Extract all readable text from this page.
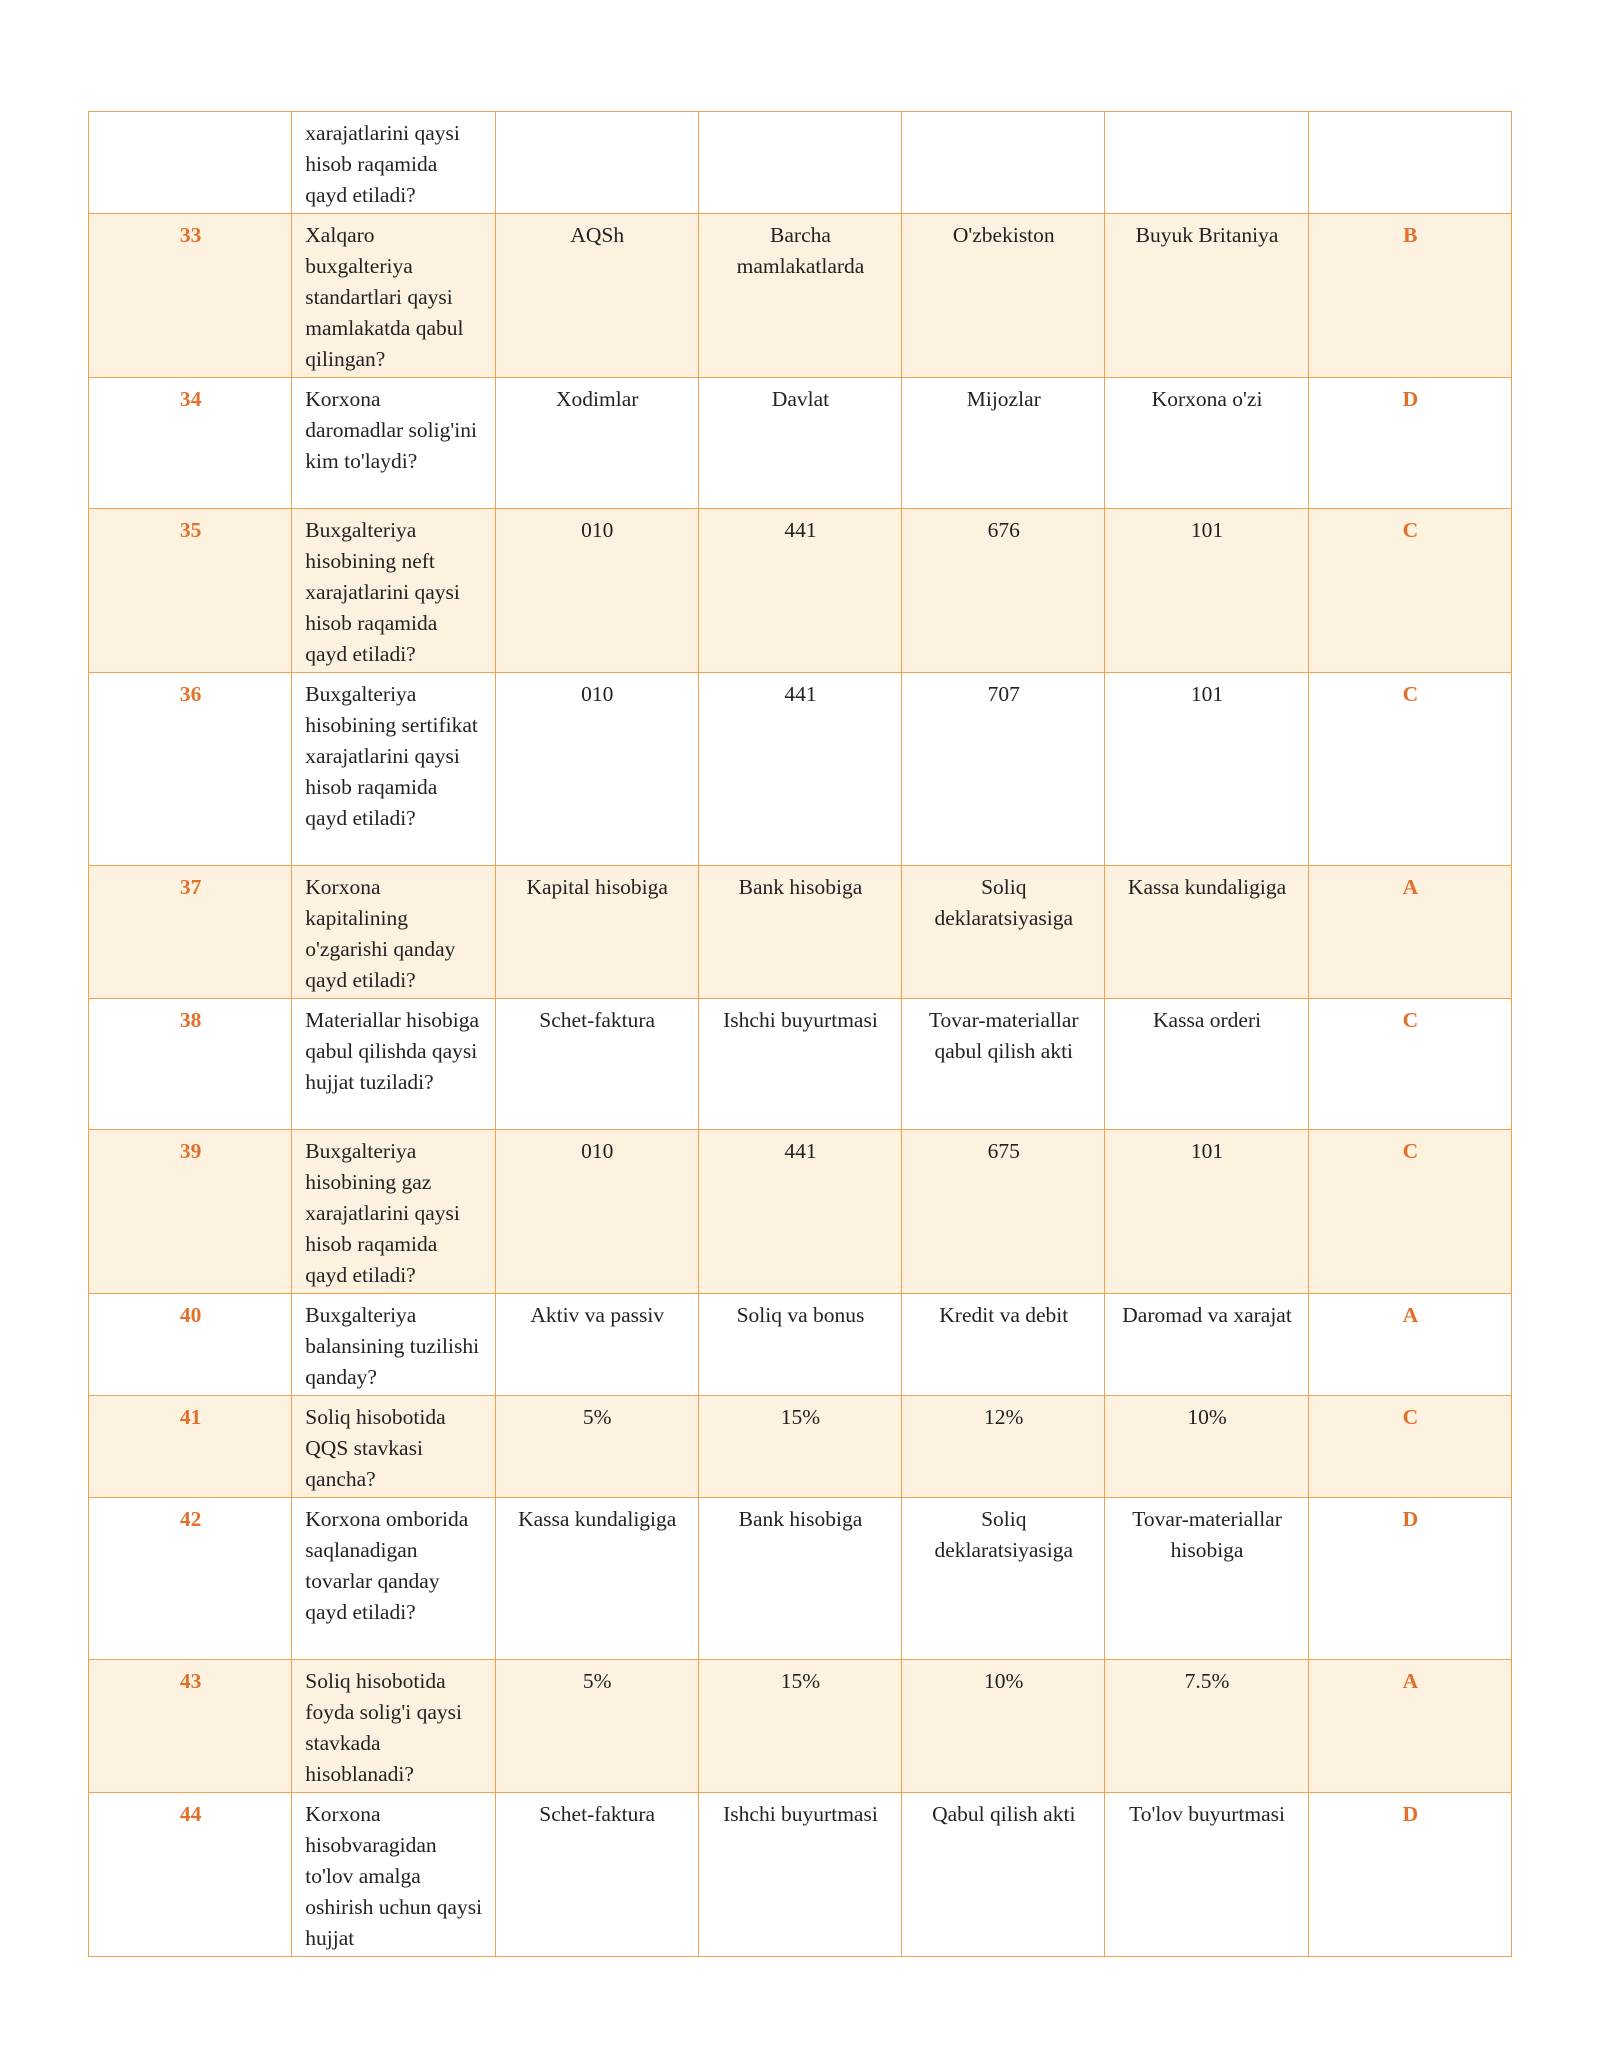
	xarajatlarini qaysi hisob raqamida qayd etiladi?					
33	Xalqaro buxgalteriya standartlari qaysi mamlakatda qabul qilingan?	AQSh	Barcha mamlakatlarda	O'zbekiston	Buyuk Britaniya	B
34	Korxona daromadlar solig'ini kim to'laydi?	Xodimlar	Davlat	Mijozlar	Korxona o'zi	D
35	Buxgalteriya hisobining neft xarajatlarini qaysi hisob raqamida qayd etiladi?	010	441	676	101	C
36	Buxgalteriya hisobining sertifikat xarajatlarini qaysi hisob raqamida qayd etiladi?	010	441	707	101	C
37	Korxona kapitalining o'zgarishi qanday qayd etiladi?	Kapital hisobiga	Bank hisobiga	Soliq deklaratsiyasiga	Kassa kundaligiga	A
38	Materiallar hisobiga qabul qilishda qaysi hujjat tuziladi?	Schet-faktura	Ishchi buyurtmasi	Tovar-materiallar qabul qilish akti	Kassa orderi	C
39	Buxgalteriya hisobining gaz xarajatlarini qaysi hisob raqamida qayd etiladi?	010	441	675	101	C
40	Buxgalteriya balansining tuzilishi qanday?	Aktiv va passiv	Soliq va bonus	Kredit va debit	Daromad va xarajat	A
41	Soliq hisobotida QQS stavkasi qancha?	5%	15%	12%	10%	C
42	Korxona omborida saqlanadigan tovarlar qanday qayd etiladi?	Kassa kundaligiga	Bank hisobiga	Soliq deklaratsiyasiga	Tovar-materiallar hisobiga	D
43	Soliq hisobotida foyda solig'i qaysi stavkada hisoblanadi?	5%	15%	10%	7.5%	A
44	Korxona hisobvaragidan to'lov amalga oshirish uchun qaysi hujjat	Schet-faktura	Ishchi buyurtmasi	Qabul qilish akti	To'lov buyurtmasi	D
